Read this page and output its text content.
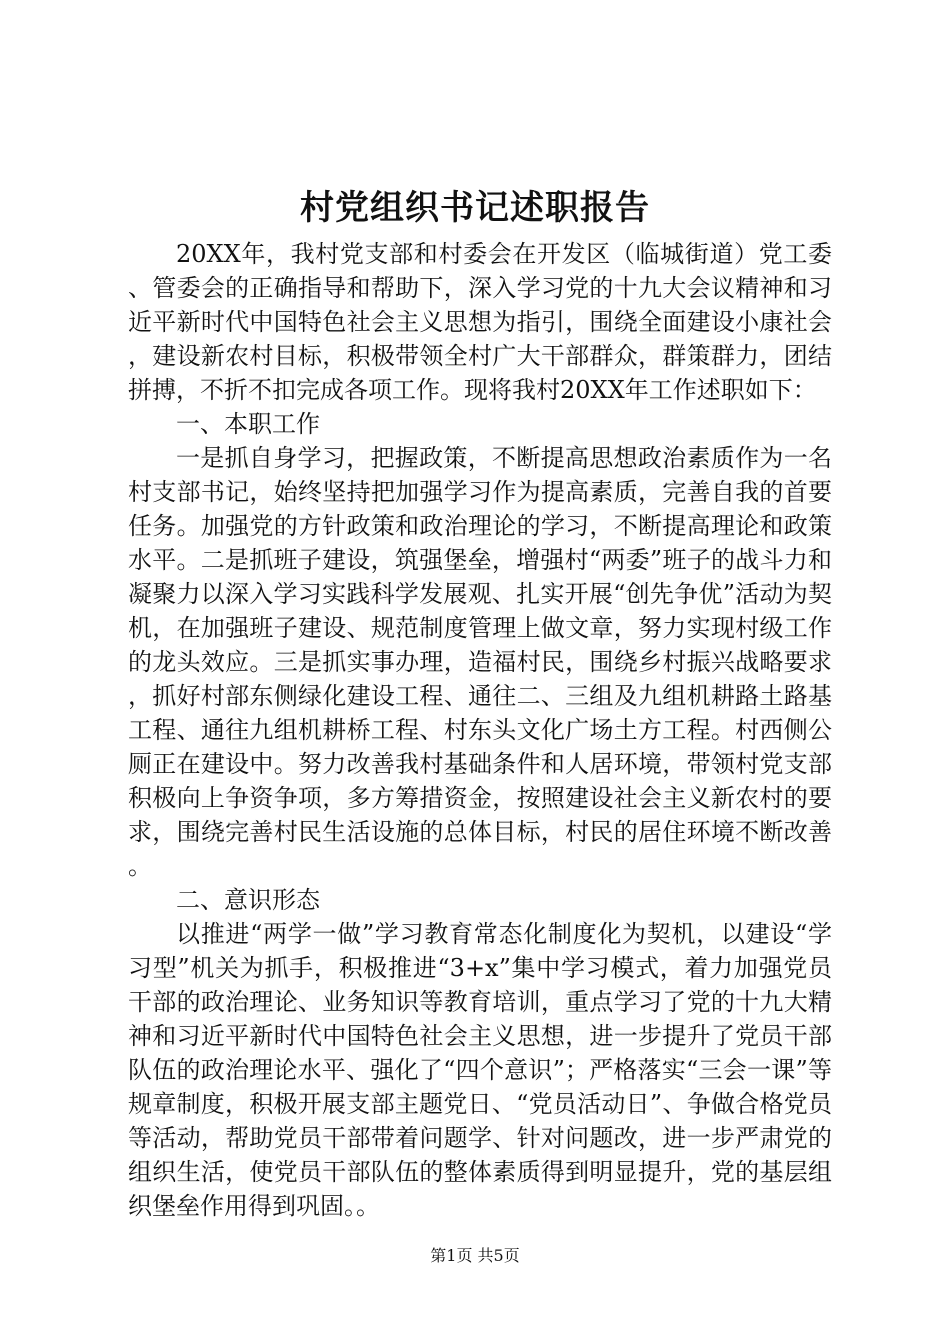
村党组织书记述职报告

20XX年，我村党支部和村委会在开发区（临城街道）党工委、管委会的正确指导和帮助下，深入学习党的十九大会议精神和习近平新时代中国特色社会主义思想为指引，围绕全面建设小康社会，建设新农村目标，积极带领全村广大干部群众，群策群力，团结拼搏，不折不扣完成各项工作。现将我村20XX年工作述职如下：

一、本职工作

一是抓自身学习，把握政策，不断提高思想政治素质作为一名村支部书记，始终坚持把加强学习作为提高素质，完善自我的首要任务。加强党的方针政策和政治理论的学习，不断提高理论和政策水平。二是抓班子建设，筑强堡垒，增强村“两委”班子的战斗力和凝聚力以深入学习实践科学发展观、扎实开展“创先争优”活动为契机，在加强班子建设、规范制度管理上做文章，努力实现村级工作的龙头效应。三是抓实事办理，造福村民，围绕乡村振兴战略要求，抓好村部东侧绿化建设工程、通往二、三组及九组机耕路土路基工程、通往九组机耕桥工程、村东头文化广场土方工程。村西侧公厕正在建设中。努力改善我村基础条件和人居环境，带领村党支部积极向上争资争项，多方筹措资金，按照建设社会主义新农村的要求，围绕完善村民生活设施的总体目标，村民的居住环境不断改善。

二、意识形态

以推进“两学一做”学习教育常态化制度化为契机，以建设“学习型”机关为抓手，积极推进“3+x”集中学习模式，着力加强党员干部的政治理论、业务知识等教育培训，重点学习了党的十九大精神和习近平新时代中国特色社会主义思想，进一步提升了党员干部队伍的政治理论水平、强化了“四个意识”；严格落实“三会一课”等规章制度，积极开展支部主题党日、“党员活动日”、争做合格党员等活动，帮助党员干部带着问题学、针对问题改，进一步严肃党的组织生活，使党员干部队伍的整体素质得到明显提升，党的基层组织堡垒作用得到巩固。。

第1页 共5页
